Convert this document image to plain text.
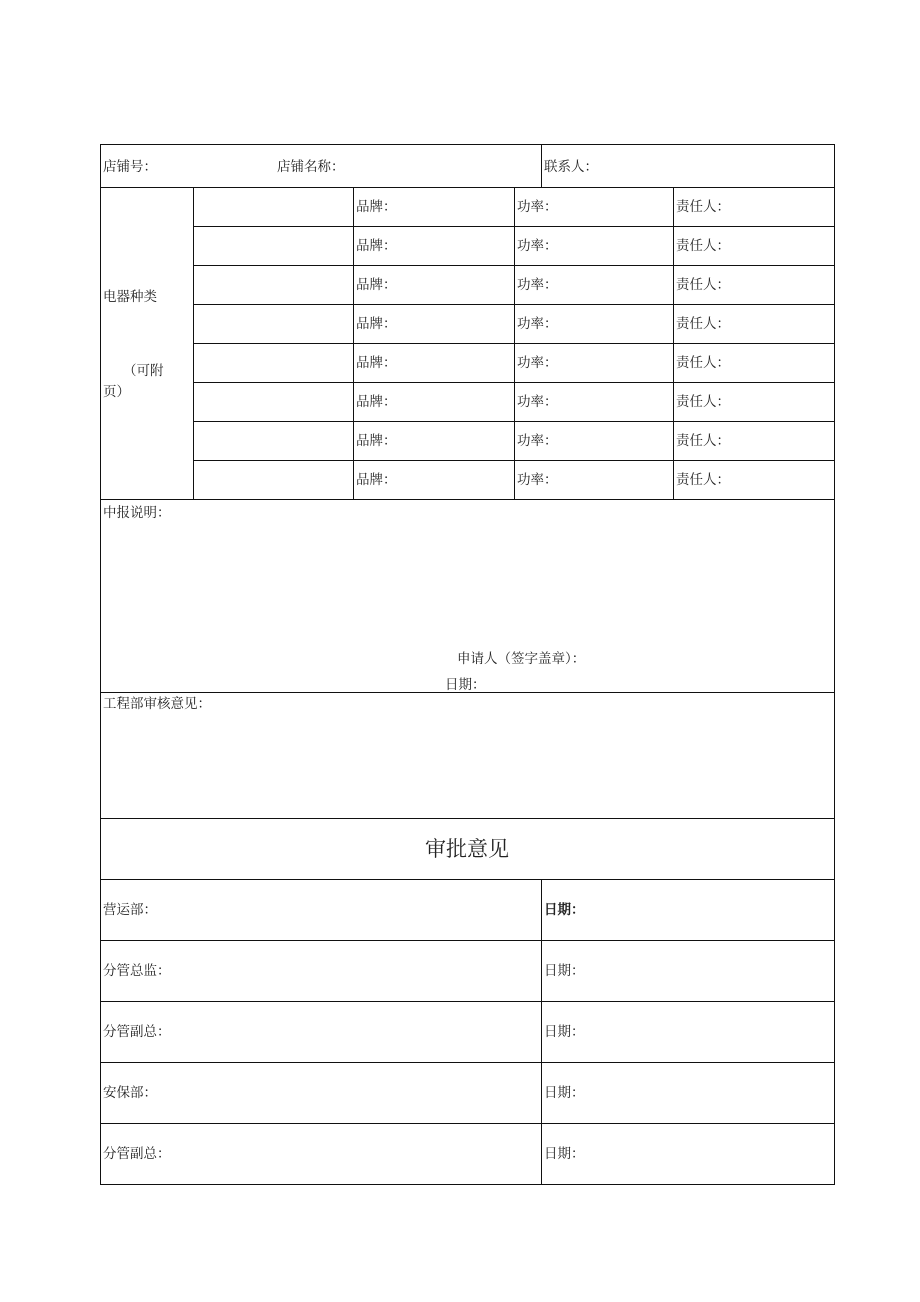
店铺号：	店铺名称：	联系人：
电器种类
（可附
页）
品牌：	功率：	责任人：
品牌：	功率：	责任人：
品牌：	功率：	责任人：
品牌：	功率：	责任人：
品牌：	功率：	责任人：
品牌：	功率：	责任人：
品牌：	功率：	责任人：
品牌：	功率：	责任人：
中报说明：
申请人（签字盖章）：
日期：
工程部审核意见：
审批意见
营运部：	日期：
分管总监：	日期：
分管副总：	日期：
安保部：	日期：
分管副总：	日期：
